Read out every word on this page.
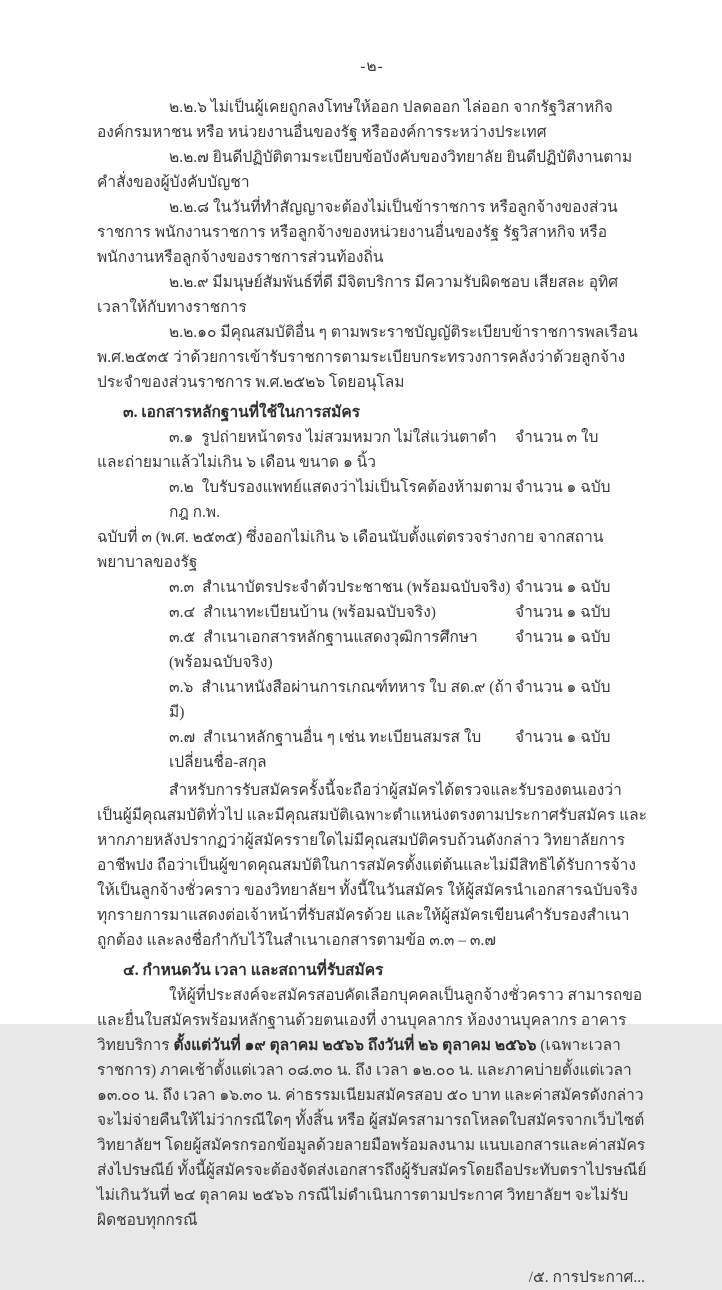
-๒-

๒.๒.๖ ไม่เป็นผู้เคยถูกลงโทษให้ออก ปลดออก ไล่ออก จากรัฐวิสาหกิจ องค์กรมหาชน หรือ หน่วยงานอื่นของรัฐ หรือองค์การระหว่างประเทศ

๒.๒.๗ ยินดีปฏิบัติตามระเบียบข้อบังคับของวิทยาลัย ยินดีปฏิบัติงานตามคำสั่งของผู้บังคับบัญชา

๒.๒.๘ ในวันที่ทำสัญญาจะต้องไม่เป็นข้าราชการ หรือลูกจ้างของส่วนราชการ พนักงานราชการ หรือลูกจ้างของหน่วยงานอื่นของรัฐ รัฐวิสาหกิจ หรือพนักงานหรือลูกจ้างของราชการส่วนท้องถิ่น

๒.๒.๙ มีมนุษย์สัมพันธ์ที่ดี มีจิตบริการ มีความรับผิดชอบ เสียสละ อุทิศเวลาให้กับทางราชการ

๒.๒.๑๐ มีคุณสมบัติอื่น ๆ ตามพระราชบัญญัติระเบียบข้าราชการพลเรือน พ.ศ.๒๕๓๕ ว่าด้วยการเข้ารับราชการตามระเบียบกระทรวงการคลังว่าด้วยลูกจ้างประจำของส่วนราชการ พ.ศ.๒๕๒๖ โดยอนุโลม

๓. เอกสารหลักฐานที่ใช้ในการสมัคร
๓.๑ รูปถ่ายหน้าตรง ไม่สวมหมวก ไม่ใส่แว่นตาดำ	จำนวน ๓ ใบ

และถ่ายมาแล้วไม่เกิน ๖ เดือน ขนาด ๑ นิ้ว

๓.๒ ใบรับรองแพทย์แสดงว่าไม่เป็นโรคต้องห้ามตามกฎ ก.พ.
จำนวน ๑ ฉบับ

ฉบับที่ ๓ (พ.ศ. ๒๕๓๕) ซึ่งออกไม่เกิน ๖ เดือนนับตั้งแต่ตรวจร่างกาย จากสถานพยาบาลของรัฐ

๓.๓ สำเนาบัตรประจำตัวประชาชน (พร้อมฉบับจริง) จำนวน ๑ ฉบับ
๓.๔ สำเนาทะเบียนบ้าน (พร้อมฉบับจริง)	จำนวน ๑ ฉบับ
๓.๕ สำเนาเอกสารหลักฐานแสดงวุฒิการศึกษา (พร้อมฉบับจริง)
จำนวน ๑ ฉบับ
๓.๖ สำเนาหนังสือผ่านการเกณฑ์ทหาร ใบ สด.๙ (ถ้ามี)
จำนวน ๑ ฉบับ
๓.๗ สำเนาหลักฐานอื่น ๆ เช่น ทะเบียนสมรส ใบเปลี่ยนชื่อ-สกุล
จำนวน ๑ ฉบับ

สำหรับการรับสมัครครั้งนี้จะถือว่าผู้สมัครได้ตรวจและรับรองตนเองว่าเป็นผู้มีคุณสมบัติทั่วไป และมีคุณสมบัติเฉพาะตำแหน่งตรงตามประกาศรับสมัคร และหากภายหลังปรากฏว่าผู้สมัครรายใดไม่มีคุณสมบัติครบถ้วนดังกล่าว วิทยาลัยการอาชีพปง ถือว่าเป็นผู้ขาดคุณสมบัติในการสมัครตั้งแต่ต้นและไม่มีสิทธิได้รับการจ้างให้เป็นลูกจ้างชั่วคราว ของวิทยาลัยฯ ทั้งนี้ในวันสมัคร ให้ผู้สมัครนำเอกสารฉบับจริงทุกรายการมาแสดงต่อเจ้าหน้าที่รับสมัครด้วย และให้ผู้สมัครเขียนคำรับรองสำเนาถูกต้อง และลงชื่อกำกับไว้ในสำเนาเอกสารตามข้อ ๓.๓ – ๓.๗

๔. กำหนดวัน เวลา และสถานที่รับสมัคร

ให้ผู้ที่ประสงค์จะสมัครสอบคัดเลือกบุคคลเป็นลูกจ้างชั่วคราว สามารถขอและยื่นใบสมัครพร้อมหลักฐานด้วยตนเองที่ งานบุคลากร ห้องงานบุคลากร อาคารวิทยบริการ ตั้งแต่วันที่ ๑๙ ตุลาคม ๒๕๖๖ ถึงวันที่ ๒๖ ตุลาคม ๒๕๖๖ (เฉพาะเวลาราชการ) ภาคเช้าตั้งแต่เวลา ๐๘.๓๐ น. ถึง เวลา ๑๒.๐๐ น. และภาคบ่ายตั้งแต่เวลา ๑๓.๐๐ น. ถึง เวลา ๑๖.๓๐ น. ค่าธรรมเนียมสมัครสอบ ๕๐ บาท และค่าสมัครดังกล่าวจะไม่จ่ายคืนให้ไม่ว่ากรณีใดๆ ทั้งสิ้น หรือ ผู้สมัครสามารถโหลดใบสมัครจากเว็บไซต์ วิทยาลัยฯ โดยผู้สมัครกรอกข้อมูลด้วยลายมือพร้อมลงนาม แนบเอกสารและค่าสมัครส่งไปรษณีย์ ทั้งนี้ผู้สมัครจะต้องจัดส่งเอกสารถึงผู้รับสมัครโดยถือประทับตราไปรษณีย์ ไม่เกินวันที่ ๒๔ ตุลาคม ๒๕๖๖ กรณีไม่ดำเนินการตามประกาศ วิทยาลัยฯ จะไม่รับผิดชอบทุกกรณี

/๕. การประกาศ...
